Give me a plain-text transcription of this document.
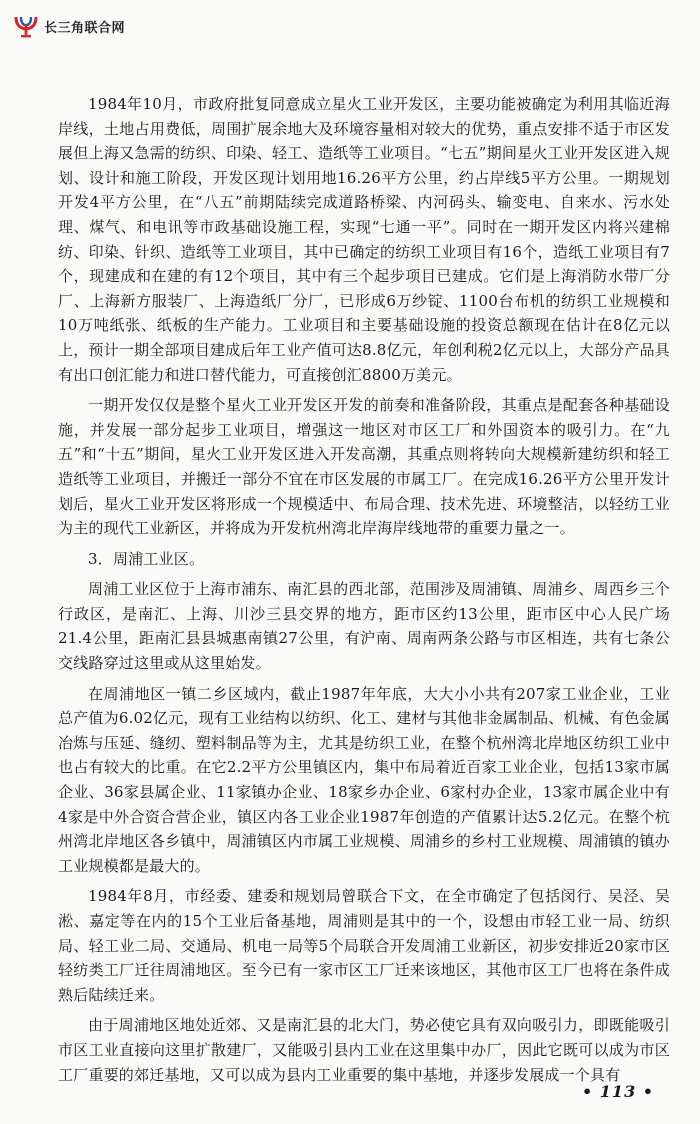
长三角联合网

1984年10月，市政府批复同意成立星火工业开发区，主要功能被确定为利用其临近海岸线，土地占用费低，周围扩展余地大及环境容量相对较大的优势，重点安排不适于市区发展但上海又急需的纺织、印染、轻工、造纸等工业项目。“七五”期间星火工业开发区进入规划、设计和施工阶段，开发区现计划用地16.26平方公里，约占岸线5平方公里。一期规划开发4平方公里，在“八五”前期陆续完成道路桥梁、内河码头、输变电、自来水、污水处理、煤气、和电讯等市政基础设施工程，实现“七通一平”。同时在一期开发区内将兴建棉纺、印染、针织、造纸等工业项目，其中已确定的纺织工业项目有16个，造纸工业项目有7个，现建成和在建的有12个项目，其中有三个起步项目已建成。它们是上海消防水带厂分厂、上海新方服装厂、上海造纸厂分厂，已形成6万纱锭、1100台布机的纺织工业规模和10万吨纸张、纸板的生产能力。工业项目和主要基础设施的投资总额现在估计在8亿元以上，预计一期全部项目建成后年工业产值可达8.8亿元，年创利税2亿元以上，大部分产品具有出口创汇能力和进口替代能力，可直接创汇8800万美元。

一期开发仅仅是整个星火工业开发区开发的前奏和准备阶段，其重点是配套各种基础设施，并发展一部分起步工业项目，增强这一地区对市区工厂和外国资本的吸引力。在“九五”和“十五”期间，星火工业开发区进入开发高潮，其重点则将转向大规模新建纺织和轻工造纸等工业项目，并搬迁一部分不宜在市区发展的市属工厂。在完成16.26平方公里开发计划后，星火工业开发区将形成一个规模适中、布局合理、技术先进、环境整洁，以轻纺工业为主的现代工业新区，并将成为开发杭州湾北岸海岸线地带的重要力量之一。

3．周浦工业区。

周浦工业区位于上海市浦东、南汇县的西北部，范围涉及周浦镇、周浦乡、周西乡三个行政区，是南汇、上海、川沙三县交界的地方，距市区约13公里，距市区中心人民广场21.4公里，距南汇县县城惠南镇27公里，有沪南、周南两条公路与市区相连，共有七条公交线路穿过这里或从这里始发。

在周浦地区一镇二乡区域内，截止1987年年底，大大小小共有207家工业企业，工业总产值为6.02亿元，现有工业结构以纺织、化工、建材与其他非金属制品、机械、有色金属冶炼与压延、缝纫、塑料制品等为主，尤其是纺织工业，在整个杭州湾北岸地区纺织工业中也占有较大的比重。在它2.2平方公里镇区内，集中布局着近百家工业企业，包括13家市属企业、36家县属企业、11家镇办企业、18家乡办企业、6家村办企业，13家市属企业中有4家是中外合资合营企业，镇区内各工业企业1987年创造的产值累计达5.2亿元。在整个杭州湾北岸地区各乡镇中，周浦镇区内市属工业规模、周浦乡的乡村工业规模、周浦镇的镇办工业规模都是最大的。

1984年8月，市经委、建委和规划局曾联合下文，在全市确定了包括闵行、吴泾、吴淞、嘉定等在内的15个工业后备基地，周浦则是其中的一个，设想由市轻工业一局、纺织局、轻工业二局、交通局、机电一局等5个局联合开发周浦工业新区，初步安排近20家市区轻纺类工厂迁往周浦地区。至今已有一家市区工厂迁来该地区，其他市区工厂也将在条件成熟后陆续迁来。

由于周浦地区地处近郊、又是南汇县的北大门，势必使它具有双向吸引力，即既能吸引市区工业直接向这里扩散建厂，又能吸引县内工业在这里集中办厂，因此它既可以成为市区工厂重要的郊迁基地，又可以成为县内工业重要的集中基地，并逐步发展成一个具有

• 113 •
